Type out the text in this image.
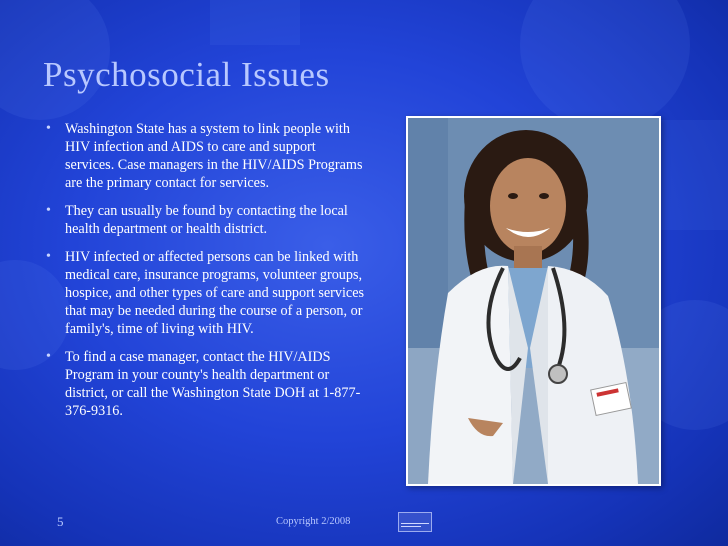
Psychosocial Issues
• Washington State has a system to link people with HIV infection and AIDS to care and support services. Case managers in the HIV/AIDS Programs are the primary contact for services.
• They can usually be found by contacting the local health department or health district.
• HIV infected or affected persons can be linked with medical care, insurance programs, volunteer groups, hospice, and other types of care and support services that may be needed during the course of a person, or family's, time of living with HIV.
• To find a case manager, contact the HIV/AIDS Program in your county's health department or district, or call the Washington State DOH at 1-877-376-9316.
5	Copyright 2/2008
